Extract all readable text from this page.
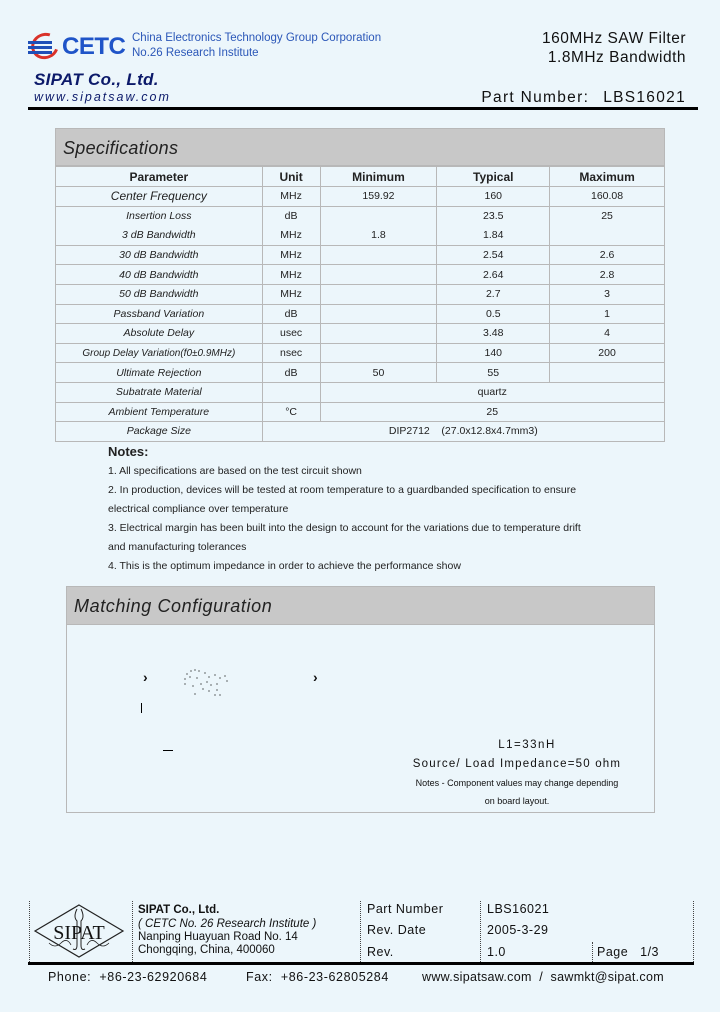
CETC China Electronics Technology Group Corporation
No.26 Research Institute
SIPAT Co., Ltd.
www.sipatsaw.com
160MHz SAW Filter
1.8MHz Bandwidth
Part Number: LBS16021
Specifications
Parameter	Unit	Minimum	Typical	Maximum
Center Frequency	MHz	159.92	160	160.08
Insertion Loss	dB		23.5	25
3 dB Bandwidth	MHz	1.8	1.84	
30 dB Bandwidth	MHz		2.54	2.6
40 dB Bandwidth	MHz		2.64	2.8
50 dB Bandwidth	MHz		2.7	3
Passband Variation	dB		0.5	1
Absolute Delay	usec		3.48	4
Group Delay Variation(f0±0.9MHz)	nsec		140	200
Ultimate Rejection	dB	50	55	
Subatrate Material		quartz		
Ambient Temperature	°C	25		
Package Size	DIP2712    (27.0x12.8x4.7mm3)			
Notes:

1. All specifications are based on the test circuit shown

2. In production, devices will be tested at room temperature to a guardbanded specification to ensure

electrical compliance over temperature

3. Electrical margin has been built into the design to account for the variations due to temperature drift

and manufacturing tolerances

4. This is the optimum impedance in order to achieve the performance show

Matching Configuration
›	›
L1=33nH
Source/ Load Impedance=50 ohm
Notes - Component values may change depending
on board layout.
SIPAT
SIPAT Co., Ltd.
( CETC No. 26 Research Institute )
Nanping Huayuan Road No. 14
Chongqing, China, 400060
Part Number	LBS16021
Rev. Date	2005-3-29
Rev.	1.0	Page   1/3
Phone:  +86-23-62920684	Fax:  +86-23-62805284	www.sipatsaw.com  /  sawmkt@sipat.com
